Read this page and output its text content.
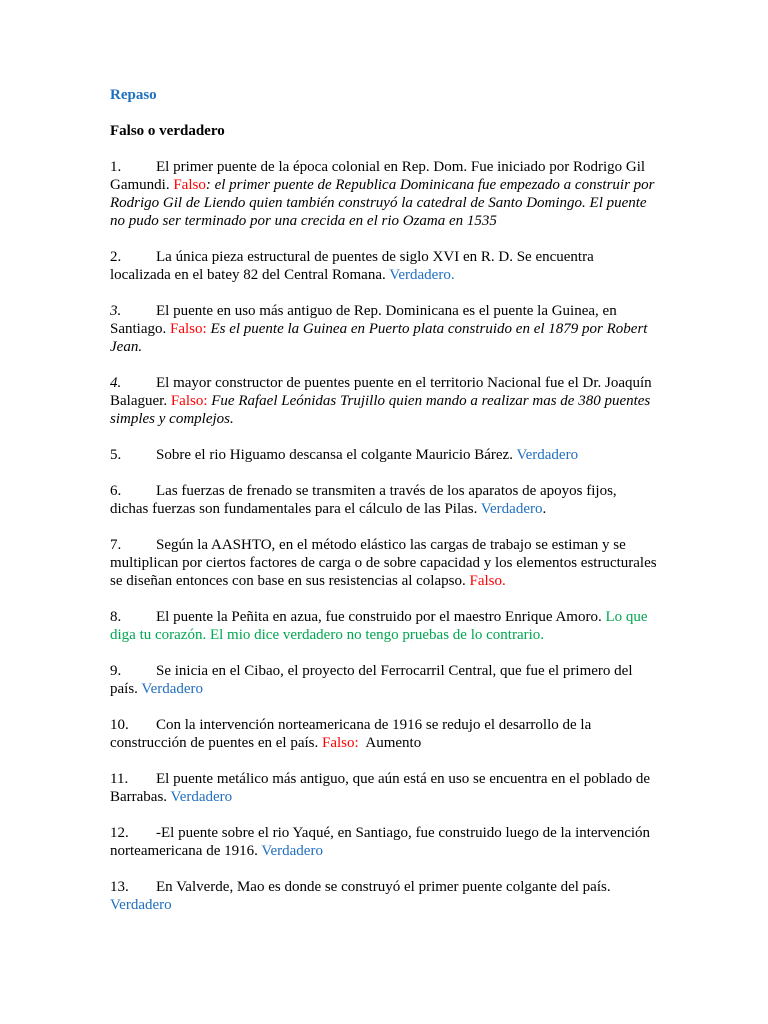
Repaso

Falso o verdadero

1. El primer puente de la época colonial en Rep. Dom. Fue iniciado por Rodrigo Gil Gamundi. Falso: el primer puente de Republica Dominicana fue empezado a construir por Rodrigo Gil de Liendo quien también construyó la catedral de Santo Domingo. El puente no pudo ser terminado por una crecida en el rio Ozama en 1535

2. La única pieza estructural de puentes de siglo XVI en R. D. Se encuentra localizada en el batey 82 del Central Romana. Verdadero.

3. El puente en uso más antiguo de Rep. Dominicana es el puente la Guinea, en Santiago. Falso: Es el puente la Guinea en Puerto plata construido en el 1879 por Robert Jean.

4. El mayor constructor de puentes puente en el territorio Nacional fue el Dr. Joaquín Balaguer. Falso: Fue Rafael Leónidas Trujillo quien mando a realizar mas de 380 puentes simples y complejos.

5. Sobre el rio Higuamo descansa el colgante Mauricio Bárez. Verdadero

6. Las fuerzas de frenado se transmiten a través de los aparatos de apoyos fijos, dichas fuerzas son fundamentales para el cálculo de las Pilas. Verdadero.

7. Según la AASHTO, en el método elástico las cargas de trabajo se estiman y se multiplican por ciertos factores de carga o de sobre capacidad y los elementos estructurales se diseñan entonces con base en sus resistencias al colapso. Falso.

8. El puente la Peñita en azua, fue construido por el maestro Enrique Amoro. Lo que diga tu corazón. El mio dice verdadero no tengo pruebas de lo contrario.

9. Se inicia en el Cibao, el proyecto del Ferrocarril Central, que fue el primero del país. Verdadero

10. Con la intervención norteamericana de 1916 se redujo el desarrollo de la construcción de puentes en el país. Falso:  Aumento

11. El puente metálico más antiguo, que aún está en uso se encuentra en el poblado de Barrabas. Verdadero

12. -El puente sobre el rio Yaqué, en Santiago, fue construido luego de la intervención norteamericana de 1916. Verdadero

13. En Valverde, Mao es donde se construyó el primer puente colgante del país. Verdadero
